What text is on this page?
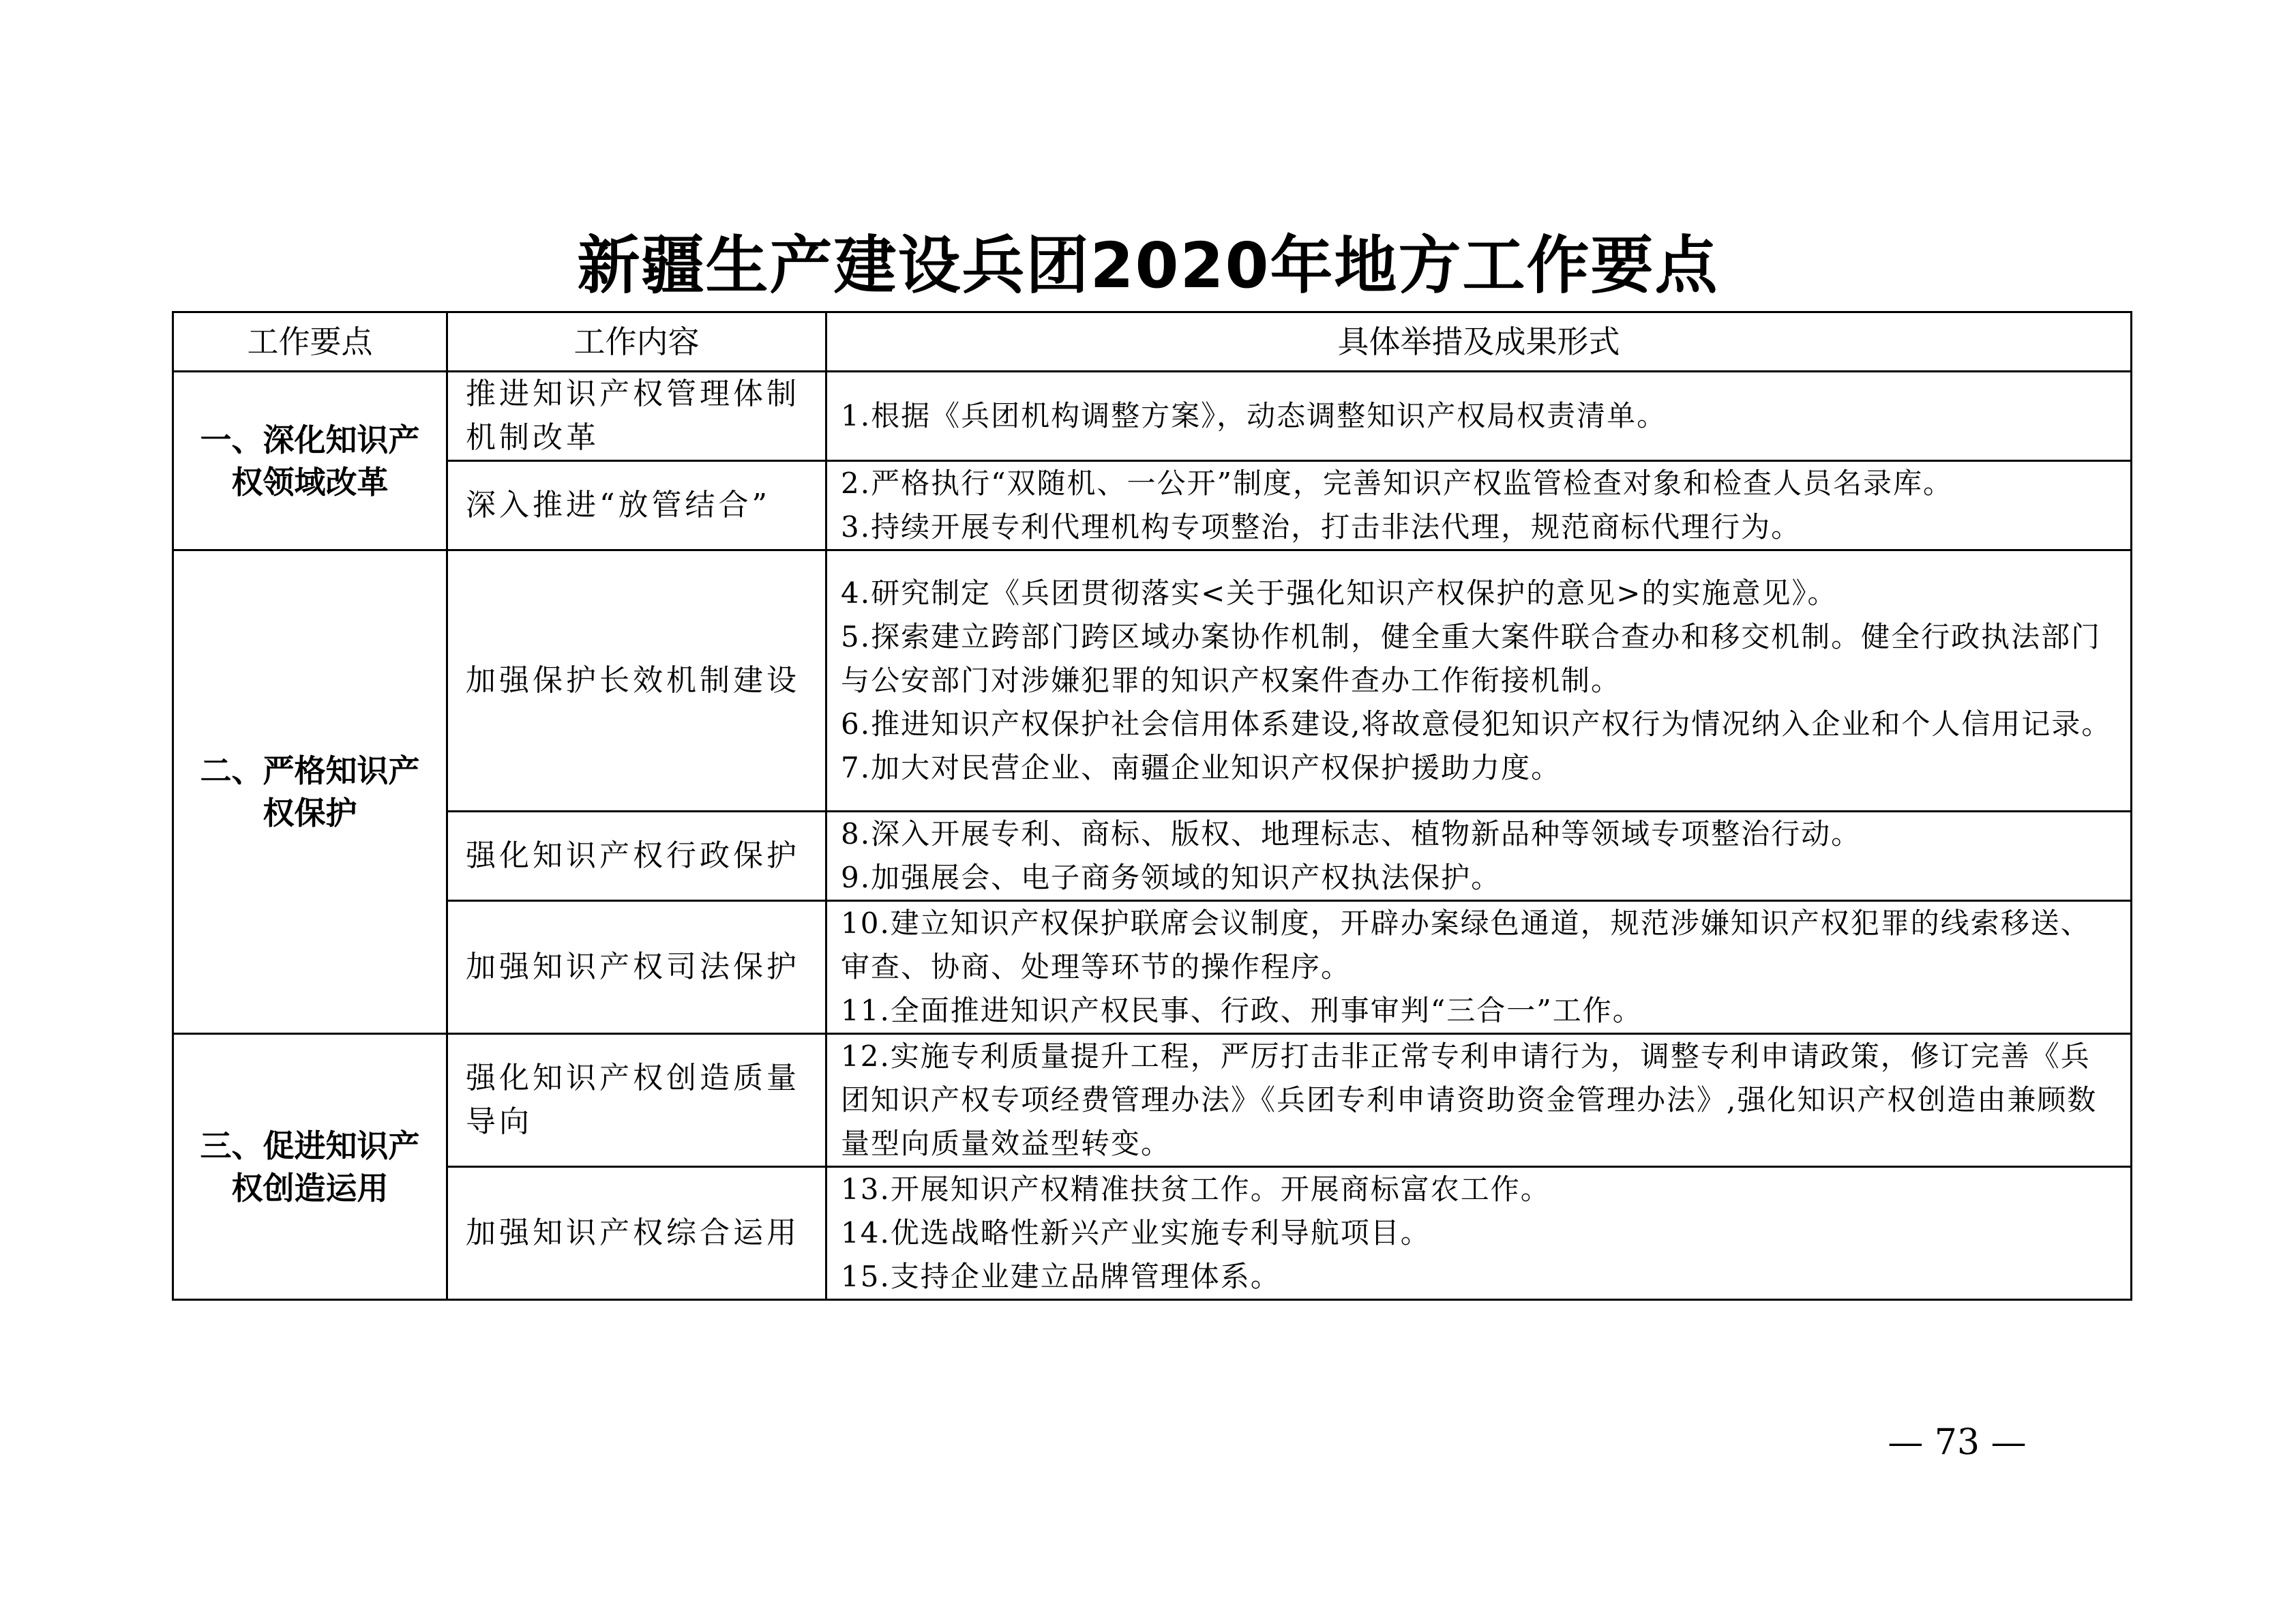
新疆生产建设兵团2020年地方工作要点
工作要点	工作内容	具体举措及成果形式
一、深化知识产权领域改革	推进知识产权管理体制机制改革	1.根据《兵团机构调整方案》，动态调整知识产权局权责清单。

	深入推进“放管结合”	2.严格执行“双随机、一公开”制度，完善知识产权监管检查对象和检查人员名录库。
3.持续开展专利代理机构专项整治，打击非法代理，规范商标代理行为。

二、严格知识产权保护	加强保护长效机制建设	4.研究制定《兵团贯彻落实<关于强化知识产权保护的意见>的实施意见》。
5.探索建立跨部门跨区域办案协作机制，健全重大案件联合查办和移交机制。健全行政执法部门与公安部门对涉嫌犯罪的知识产权案件查办工作衔接机制。
6.推进知识产权保护社会信用体系建设,将故意侵犯知识产权行为情况纳入企业和个人信用记录。
7.加大对民营企业、南疆企业知识产权保护援助力度。

	强化知识产权行政保护	8.深入开展专利、商标、版权、地理标志、植物新品种等领域专项整治行动。
9.加强展会、电子商务领域的知识产权执法保护。

	加强知识产权司法保护	10.建立知识产权保护联席会议制度，开辟办案绿色通道，规范涉嫌知识产权犯罪的线索移送、审查、协商、处理等环节的操作程序。
11.全面推进知识产权民事、行政、刑事审判“三合一”工作。

三、促进知识产权创造运用	强化知识产权创造质量导向	12.实施专利质量提升工程，严厉打击非正常专利申请行为，调整专利申请政策，修订完善《兵团知识产权专项经费管理办法》《兵团专利申请资助资金管理办法》,强化知识产权创造由兼顾数量型向质量效益型转变。

	加强知识产权综合运用	13.开展知识产权精准扶贫工作。开展商标富农工作。
14.优选战略性新兴产业实施专利导航项目。
15.支持企业建立品牌管理体系。
— 73 —
